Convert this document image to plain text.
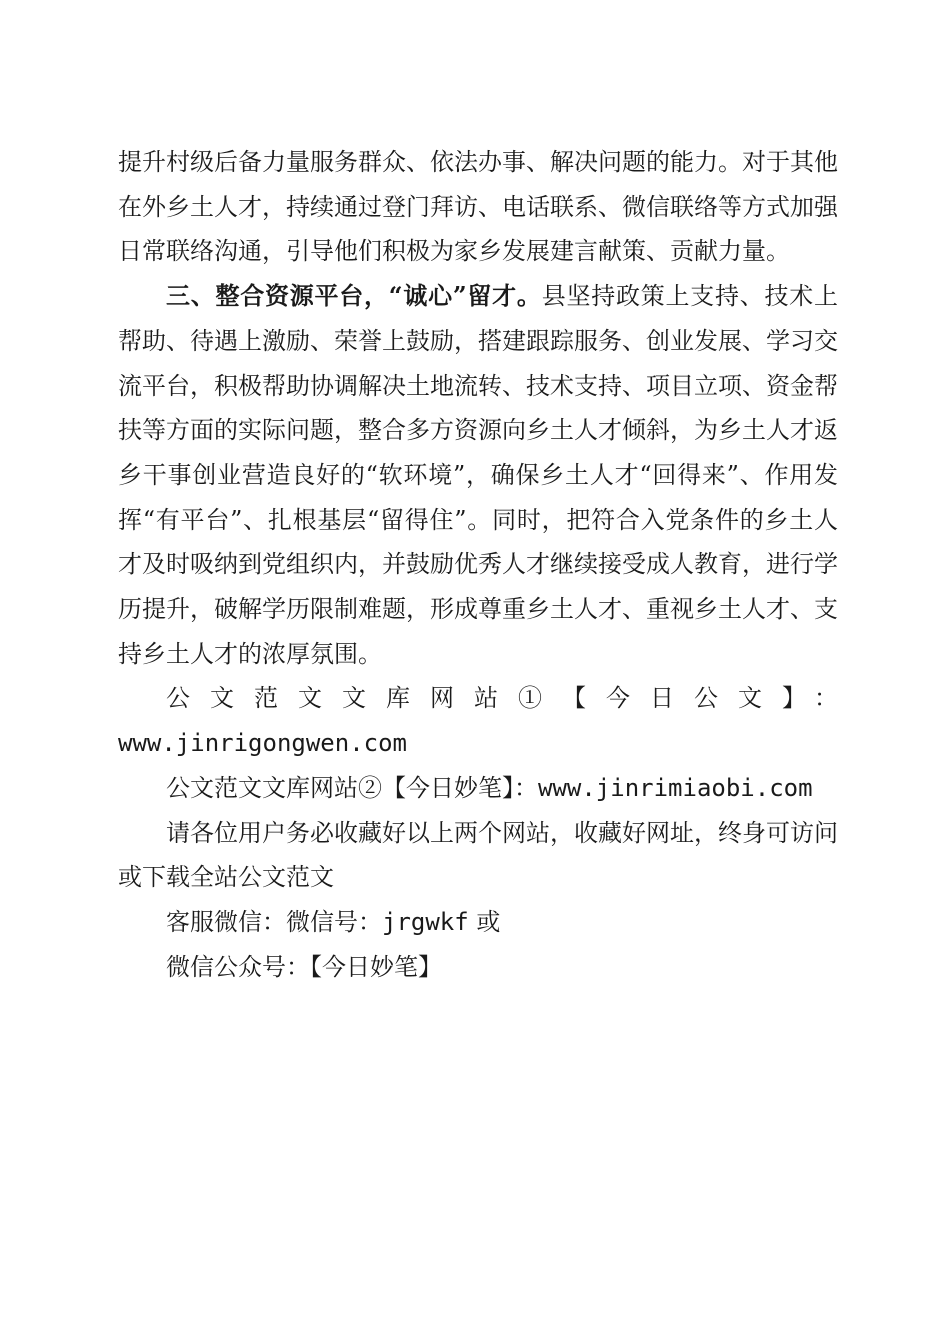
提升村级后备力量服务群众、依法办事、解决问题的能力。对于其他在外乡土人才，持续通过登门拜访、电话联系、微信联络等方式加强日常联络沟通，引导他们积极为家乡发展建言献策、贡献力量。

三、整合资源平台，“诚心”留才。县坚持政策上支持、技术上帮助、待遇上激励、荣誉上鼓励，搭建跟踪服务、创业发展、学习交流平台，积极帮助协调解决土地流转、技术支持、项目立项、资金帮扶等方面的实际问题，整合多方资源向乡土人才倾斜，为乡土人才返乡干事创业营造良好的“软环境”，确保乡土人才“回得来”、作用发挥“有平台”、扎根基层“留得住”。同时，把符合入党条件的乡土人才及时吸纳到党组织内，并鼓励优秀人才继续接受成人教育，进行学历提升，破解学历限制难题，形成尊重乡土人才、重视乡土人才、支持乡土人才的浓厚氛围。

公文范文文库网站①【今日公文】：

www.jinrigongwen.com

公文范文文库网站②【今日妙笔】：www.jinrimiaobi.com

请各位用户务必收藏好以上两个网站，收藏好网址，终身可访问或下载全站公文范文

客服微信：微信号：jrgwkf 或

微信公众号：【今日妙笔】
